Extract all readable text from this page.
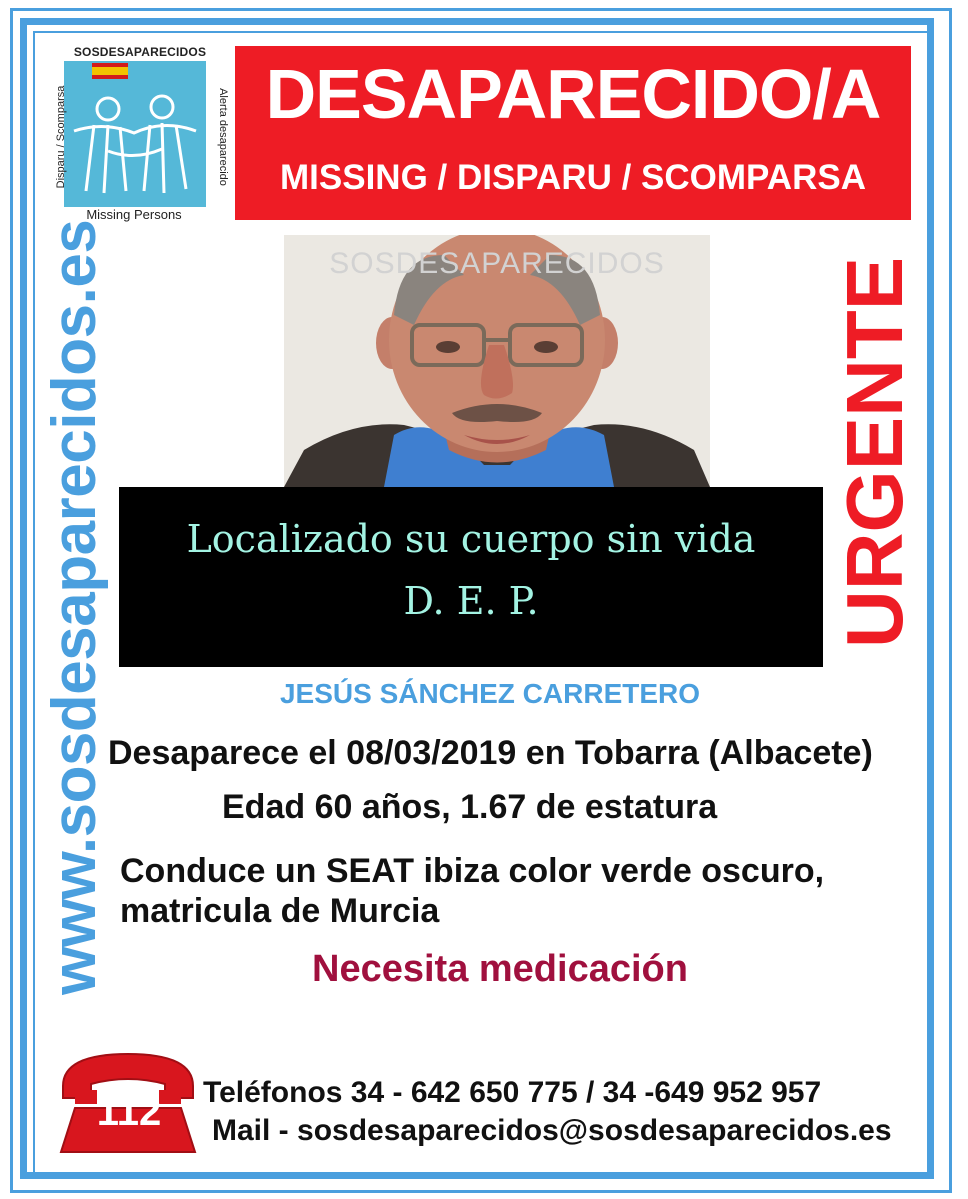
SOSDESAPARECIDOS
Disparu / Scomparsa	Alerta desaparecido
Missing Persons
DESAPARECIDO/A
MISSING / DISPARU / SCOMPARSA
www.sosdesaparecidos.es	URGENTE
SOSDESAPARECIDOS
Localizado su cuerpo sin vida
D. E. P.
JESÚS SÁNCHEZ CARRETERO
Desaparece el 08/03/2019 en Tobarra (Albacete)
Edad 60 años, 1.67 de estatura
Conduce un SEAT ibiza color verde oscuro,
matricula de Murcia
Necesita medicación
112	Teléfonos 34 - 642 650 775 / 34 -649 952 957
Mail - sosdesaparecidos@sosdesaparecidos.es
